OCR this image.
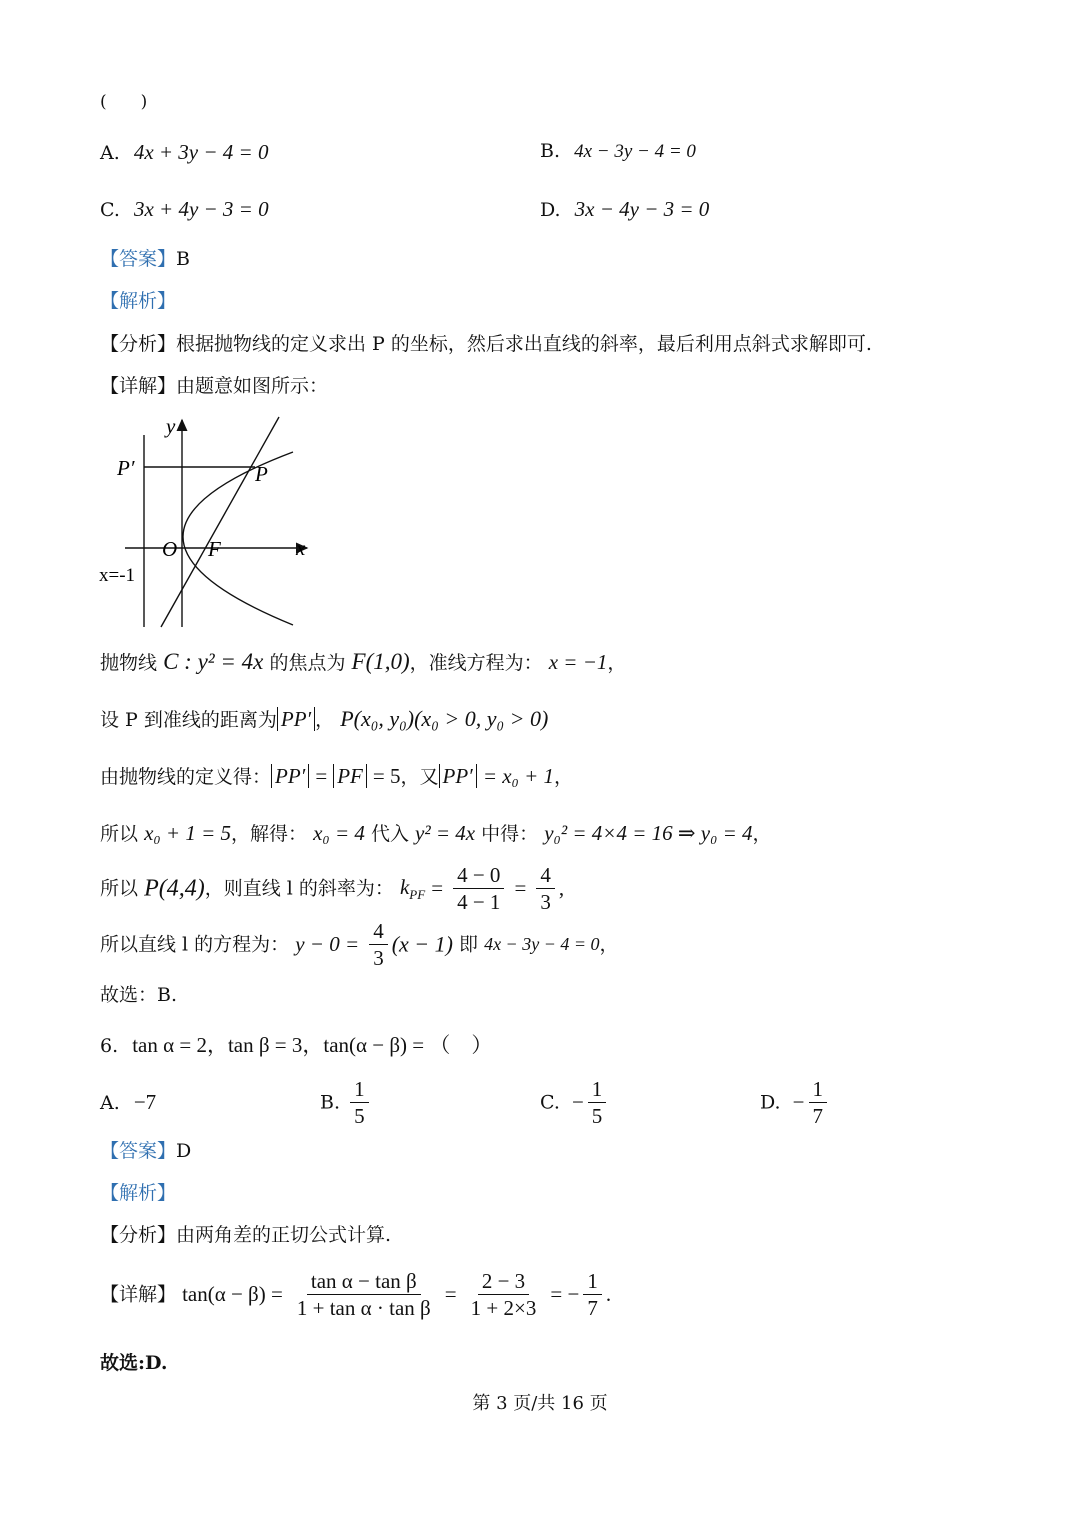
(　　)
A. 4x + 3y − 4 = 0	B. 4x − 3y − 4 = 0
C. 3x + 4y − 3 = 0	D. 3x − 4y − 3 = 0
【答案】B
【解析】
【分析】根据抛物线的定义求出 P 的坐标，然后求出直线的斜率，最后利用点斜式求解即可.
【详解】由题意如图所示：
y
x
P′	P
O F
x=-1
抛物线 C : y² = 4x 的焦点为 F(1,0)，准线方程为： x = −1，
设 P 到准线的距离为 PP′ ， P(x₀, y₀)(x₀ > 0, y₀ > 0)
由抛物线的定义得： PP′ = PF = 5，又 PP′ = x₀ + 1，
所以 x₀ + 1 = 5，解得： x₀ = 4 代入 y² = 4x 中得： y₀² = 4×4 = 16 ⇒ y₀ = 4，
所以 P(4,4)，则直线 l 的斜率为： $k_{PF} = \frac{4 - 0}{4 - 1} = \frac{4}{3}$ ,
所以直线 l 的方程为： $y - 0 = \frac{4}{3} (x - 1)$ 即 4x − 3y − 4 = 0，
故选：B.
6. tan α = 2，tan β = 3，tan(α − β) = （　）
A. −7	B. $\frac{1}{5}$	C. − $\frac{1}{5}$	D. − $\frac{1}{7}$
【答案】D
【解析】
【分析】由两角差的正切公式计算.
【详解】 $\tan(\alpha - \beta) = \frac{\text{tan α − tan β}}{\text{1 + tan α · tan β}} = \frac{2 - 3}{1 + 2\times 3}$ = − $\frac{1}{7}$ .
故选:D.
第 3 页/共 16 页
